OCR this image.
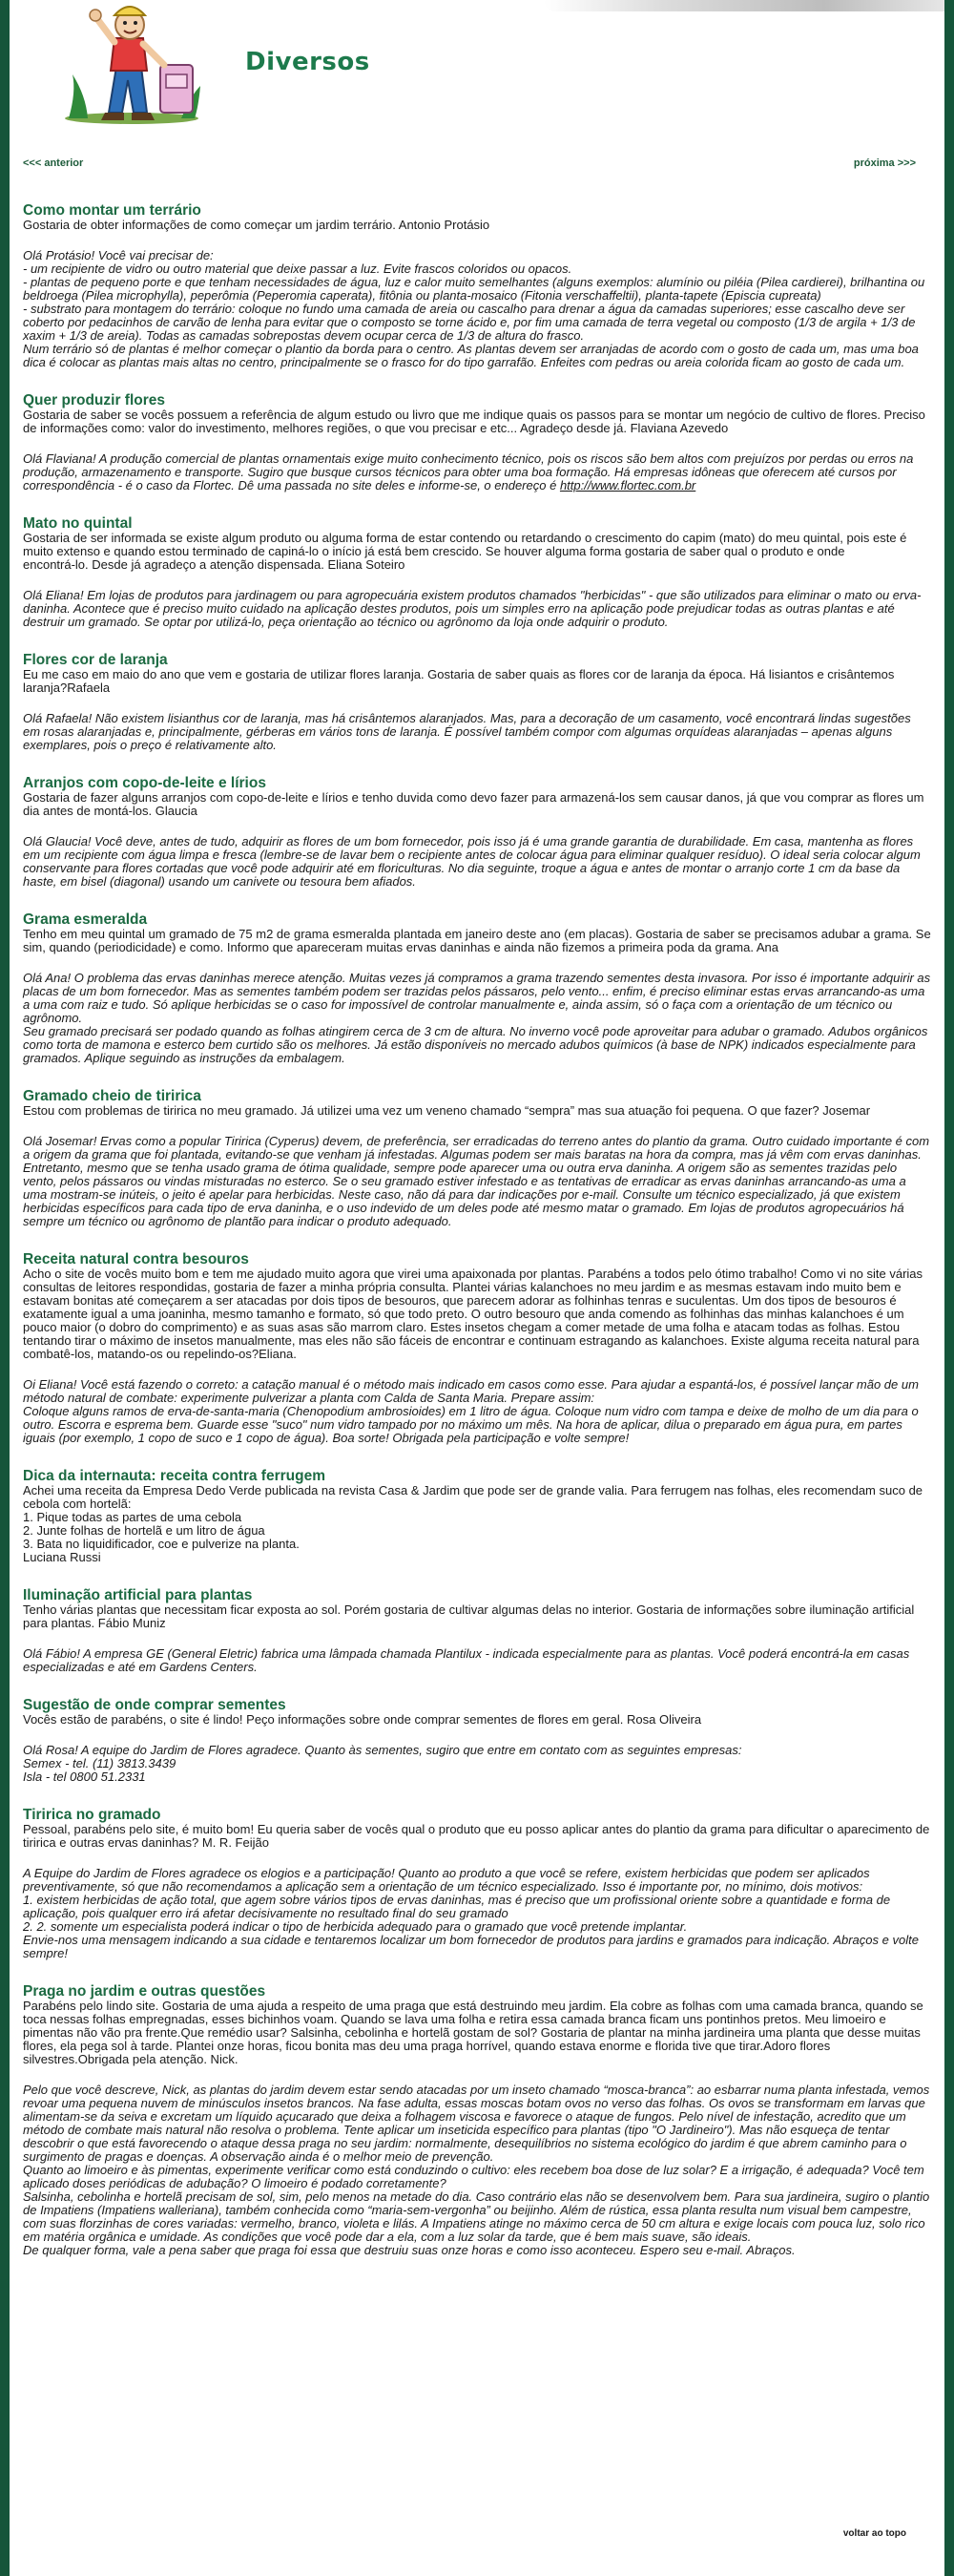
Diversos
<<< anterior	próxima >>>
Como montar um terrário

Gostaria de obter informações de como começar um jardim terrário. Antonio Protásio

Olá Protásio! Você vai precisar de:
- um recipiente de vidro ou outro material que deixe passar a luz. Evite frascos coloridos ou opacos.
- plantas de pequeno porte e que tenham necessidades de água, luz e calor muito semelhantes (alguns exemplos: alumínio ou piléia (Pilea cardierei), brilhantina ou beldroega (Pilea microphylla), peperômia (Peperomia caperata), fitônia ou planta-mosaico (Fitonia verschaffeltii), planta-tapete (Episcia cupreata)
- substrato para montagem do terrário: coloque no fundo uma camada de areia ou cascalho para drenar a água da camadas superiores; esse cascalho deve ser coberto por pedacinhos de carvão de lenha para evitar que o composto se torne ácido e, por fim uma camada de terra vegetal ou composto (1/3 de argila + 1/3 de xaxim + 1/3 de areia). Todas as camadas sobrepostas devem ocupar cerca de 1/3 de altura do frasco.
Num terrário só de plantas é melhor começar o plantio da borda para o centro. As plantas devem ser arranjadas de acordo com o gosto de cada um, mas uma boa dica é colocar as plantas mais altas no centro, principalmente se o frasco for do tipo garrafão. Enfeites com pedras ou areia colorida ficam ao gosto de cada um.

Quer produzir flores

Gostaria de saber se vocês possuem a referência de algum estudo ou livro que me indique quais os passos para se montar um negócio de cultivo de flores. Preciso de informações como: valor do investimento, melhores regiões, o que vou precisar e etc... Agradeço desde já. Flaviana Azevedo

Olá Flaviana! A produção comercial de plantas ornamentais exige muito conhecimento técnico, pois os riscos são bem altos com prejuízos por perdas ou erros na produção, armazenamento e transporte. Sugiro que busque cursos técnicos para obter uma boa formação. Há empresas idôneas que oferecem até cursos por correspondência - é o caso da Flortec. Dê uma passada no site deles e informe-se, o endereço é http://www.flortec.com.br

Mato no quintal

Gostaria de ser informada se existe algum produto ou alguma forma de estar contendo ou retardando o crescimento do capim (mato) do meu quintal, pois este é muito extenso e quando estou terminado de capiná-lo o início já está bem crescido. Se houver alguma forma gostaria de saber qual o produto e onde
encontrá-lo. Desde já agradeço a atenção dispensada. Eliana Soteiro

Olá Eliana! Em lojas de produtos para jardinagem ou para agropecuária existem produtos chamados "herbicidas" - que são utilizados para eliminar o mato ou erva-daninha. Acontece que é preciso muito cuidado na aplicação destes produtos, pois um simples erro na aplicação pode prejudicar todas as outras plantas e até destruir um gramado. Se optar por utilizá-lo, peça orientação ao técnico ou agrônomo da loja onde adquirir o produto.

Flores cor de laranja

Eu me caso em maio do ano que vem e gostaria de utilizar flores laranja. Gostaria de saber quais as flores cor de laranja da época. Há lisiantos e crisântemos laranja?Rafaela

Olá Rafaela! Não existem lisianthus cor de laranja, mas há crisântemos alaranjados. Mas, para a decoração de um casamento, você encontrará lindas sugestões em rosas alaranjadas e, principalmente, gérberas em vários tons de laranja. É possível também compor com algumas orquídeas alaranjadas – apenas alguns exemplares, pois o preço é relativamente alto.

Arranjos com copo-de-leite e lírios

Gostaria de fazer alguns arranjos com copo-de-leite e lírios e tenho duvida como devo fazer para armazená-los sem causar danos, já que vou comprar as flores um dia antes de montá-los. Glaucia

Olá Glaucia! Você deve, antes de tudo, adquirir as flores de um bom fornecedor, pois isso já é uma grande garantia de durabilidade. Em casa, mantenha as flores em um recipiente com água limpa e fresca (lembre-se de lavar bem o recipiente antes de colocar água para eliminar qualquer resíduo). O ideal seria colocar algum conservante para flores cortadas que você pode adquirir até em floriculturas. No dia seguinte, troque a água e antes de montar o arranjo corte 1 cm da base da haste, em bisel (diagonal) usando um canivete ou tesoura bem afiados.

Grama esmeralda

Tenho em meu quintal um gramado de 75 m2 de grama esmeralda plantada em janeiro deste ano (em placas). Gostaria de saber se precisamos adubar a grama. Se sim, quando (periodicidade) e como. Informo que apareceram muitas ervas daninhas e ainda não fizemos a primeira poda da grama. Ana

Olá Ana! O problema das ervas daninhas merece atenção. Muitas vezes já compramos a grama trazendo sementes desta invasora. Por isso é importante adquirir as placas de um bom fornecedor. Mas as sementes também podem ser trazidas pelos pássaros, pelo vento... enfim, é preciso eliminar estas ervas arrancando-as uma a uma com raiz e tudo. Só aplique herbicidas se o caso for impossível de controlar manualmente e, ainda assim, só o faça com a orientação de um técnico ou agrônomo.
Seu gramado precisará ser podado quando as folhas atingirem cerca de 3 cm de altura. No inverno você pode aproveitar para adubar o gramado. Adubos orgânicos como torta de mamona e esterco bem curtido são os melhores. Já estão disponíveis no mercado adubos químicos (à base de NPK) indicados especialmente para gramados. Aplique seguindo as instruções da embalagem.

Gramado cheio de tiririca

Estou com problemas de tiririca no meu gramado. Já utilizei uma vez um veneno chamado “sempra” mas sua atuação foi pequena. O que fazer? Josemar

Olá Josemar! Ervas como a popular Tiririca (Cyperus) devem, de preferência, ser erradicadas do terreno antes do plantio da grama. Outro cuidado importante é com a origem da grama que foi plantada, evitando-se que venham já infestadas. Algumas podem ser mais baratas na hora da compra, mas já vêm com ervas daninhas.
Entretanto, mesmo que se tenha usado grama de ótima qualidade, sempre pode aparecer uma ou outra erva daninha. A origem são as sementes trazidas pelo vento, pelos pássaros ou vindas misturadas no esterco. Se o seu gramado estiver infestado e as tentativas de erradicar as ervas daninhas arrancando-as uma a uma mostram-se inúteis, o jeito é apelar para herbicidas. Neste caso, não dá para dar indicações por e-mail. Consulte um técnico especializado, já que existem herbicidas específicos para cada tipo de erva daninha, e o uso indevido de um deles pode até mesmo matar o gramado. Em lojas de produtos agropecuários há sempre um técnico ou agrônomo de plantão para indicar o produto adequado.

Receita natural contra besouros

Acho o site de vocês muito bom e tem me ajudado muito agora que virei uma apaixonada por plantas. Parabéns a todos pelo ótimo trabalho! Como vi no site várias consultas de leitores respondidas, gostaria de fazer a minha própria consulta. Plantei várias kalanchoes no meu jardim e as mesmas estavam indo muito bem e estavam bonitas até começarem a ser atacadas por dois tipos de besouros, que parecem adorar as folhinhas tenras e suculentas. Um dos tipos de besouros é exatamente igual a uma joaninha, mesmo tamanho e formato, só que todo preto. O outro besouro que anda comendo as folhinhas das minhas kalanchoes é um pouco maior (o dobro do comprimento) e as suas asas são marrom claro. Estes insetos chegam a comer metade de uma folha e atacam todas as folhas. Estou tentando tirar o máximo de insetos manualmente, mas eles não são fáceis de encontrar e continuam estragando as kalanchoes. Existe alguma receita natural para combatê-los, matando-os ou repelindo-os?Eliana.

Oi Eliana! Você está fazendo o correto: a catação manual é o método mais indicado em casos como esse. Para ajudar a espantá-los, é possível lançar mão de um método natural de combate: experimente pulverizar a planta com Calda de Santa Maria. Prepare assim:
Coloque alguns ramos de erva-de-santa-maria (Chenopodium ambrosioides) em 1 litro de água. Coloque num vidro com tampa e deixe de molho de um dia para o outro. Escorra e esprema bem. Guarde esse "suco" num vidro tampado por no máximo um mês. Na hora de aplicar, dilua o preparado em água pura, em partes iguais (por exemplo, 1 copo de suco e 1 copo de água). Boa sorte! Obrigada pela participação e volte sempre!

Dica da internauta: receita contra ferrugem

Achei uma receita da Empresa Dedo Verde publicada na revista Casa & Jardim que pode ser de grande valia. Para ferrugem nas folhas, eles recomendam suco de cebola com hortelã:
1. Pique todas as partes de uma cebola
2. Junte folhas de hortelã e um litro de água
3. Bata no liquidificador, coe e pulverize na planta.
Luciana Russi

Iluminação artificial para plantas

Tenho várias plantas que necessitam ficar exposta ao sol. Porém gostaria de cultivar algumas delas no interior. Gostaria de informações sobre iluminação artificial para plantas. Fábio Muniz

Olá Fábio! A empresa GE (General Eletric) fabrica uma lâmpada chamada Plantilux - indicada especialmente para as plantas. Você poderá encontrá-la em casas especializadas e até em Gardens Centers.

Sugestão de onde comprar sementes

Vocês estão de parabéns, o site é lindo! Peço informações sobre onde comprar sementes de flores em geral. Rosa Oliveira

Olá Rosa! A equipe do Jardim de Flores agradece. Quanto às sementes, sugiro que entre em contato com as seguintes empresas:
Semex - tel. (11) 3813.3439
Isla - tel 0800 51.2331

Tiririca no gramado

Pessoal, parabéns pelo site, é muito bom! Eu queria saber de vocês qual o produto que eu posso aplicar antes do plantio da grama para dificultar o aparecimento de tiririca e outras ervas daninhas? M. R. Feijão

A Equipe do Jardim de Flores agradece os elogios e a participação! Quanto ao produto a que você se refere, existem herbicidas que podem ser aplicados preventivamente, só que não recomendamos a aplicação sem a orientação de um técnico especializado. Isso é importante por, no mínimo, dois motivos:
1. existem herbicidas de ação total, que agem sobre vários tipos de ervas daninhas, mas é preciso que um profissional oriente sobre a quantidade e forma de aplicação, pois qualquer erro irá afetar decisivamente no resultado final do seu gramado
2. 2. somente um especialista poderá indicar o tipo de herbicida adequado para o gramado que você pretende implantar.
Envie-nos uma mensagem indicando a sua cidade e tentaremos localizar um bom fornecedor de produtos para jardins e gramados para indicação. Abraços e volte sempre!

Praga no jardim e outras questões

Parabéns pelo lindo site. Gostaria de uma ajuda a respeito de uma praga que está destruindo meu jardim. Ela cobre as folhas com uma camada branca, quando se toca nessas folhas empregnadas, esses bichinhos voam. Quando se lava uma folha e retira essa camada branca ficam uns pontinhos pretos. Meu limoeiro e pimentas não vão pra frente.Que remédio usar? Salsinha, cebolinha e hortelã gostam de sol? Gostaria de plantar na minha jardineira uma planta que desse muitas flores, ela pega sol à tarde. Plantei onze horas, ficou bonita mas deu uma praga horrível, quando estava enorme e florida tive que tirar.Adoro flores silvestres.Obrigada pela atenção. Nick.

Pelo que você descreve, Nick, as plantas do jardim devem estar sendo atacadas por um inseto chamado “mosca-branca”: ao esbarrar numa planta infestada, vemos revoar uma pequena nuvem de minúsculos insetos brancos. Na fase adulta, essas moscas botam ovos no verso das folhas. Os ovos se transformam em larvas que alimentam-se da seiva e excretam um líquido açucarado que deixa a folhagem viscosa e favorece o ataque de fungos. Pelo nível de infestação, acredito que um método de combate mais natural não resolva o problema. Tente aplicar um inseticida específico para plantas (tipo "O Jardineiro"). Mas não esqueça de tentar descobrir o que está favorecendo o ataque dessa praga no seu jardim: normalmente, desequilíbrios no sistema ecológico do jardim é que abrem caminho para o surgimento de pragas e doenças. A observação ainda é o melhor meio de prevenção.
Quanto ao limoeiro e às pimentas, experimente verificar como está conduzindo o cultivo: eles recebem boa dose de luz solar? E a irrigação, é adequada? Você tem aplicado doses periódicas de adubação? O limoeiro é podado corretamente?
Salsinha, cebolinha e hortelã precisam de sol, sim, pelo menos na metade do dia. Caso contrário elas não se desenvolvem bem. Para sua jardineira, sugiro o plantio de Impatiens (Impatiens walleriana), também conhecida como “maria-sem-vergonha” ou beijinho. Além de rústica, essa planta resulta num visual bem campestre, com suas florzinhas de cores variadas: vermelho, branco, violeta e lilás. A Impatiens atinge no máximo cerca de 50 cm altura e exige locais com pouca luz, solo rico em matéria orgânica e umidade. As condições que você pode dar a ela, com a luz solar da tarde, que é bem mais suave, são ideais.
De qualquer forma, vale a pena saber que praga foi essa que destruiu suas onze horas e como isso aconteceu. Espero seu e-mail. Abraços.

voltar ao topo
